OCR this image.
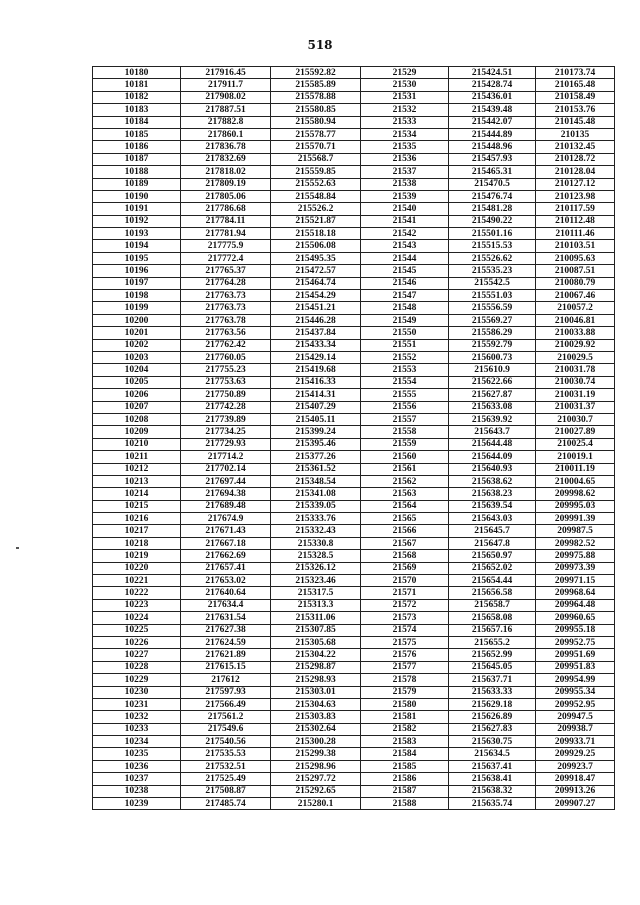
518
10180	217916.45	215592.82	21529	215424.51	210173.74
10181	217911.7	215585.89	21530	215428.74	210165.48
10182	217908.02	215578.88	21531	215436.01	210158.49
10183	217887.51	215580.85	21532	215439.48	210153.76
10184	217882.8	215580.94	21533	215442.07	210145.48
10185	217860.1	215578.77	21534	215444.89	210135
10186	217836.78	215570.71	21535	215448.96	210132.45
10187	217832.69	215568.7	21536	215457.93	210128.72
10188	217818.02	215559.85	21537	215465.31	210128.04
10189	217809.19	215552.63	21538	215470.5	210127.12
10190	217805.06	215548.84	21539	215476.74	210123.98
10191	217786.68	215526.2	21540	215481.28	210117.59
10192	217784.11	215521.87	21541	215490.22	210112.48
10193	217781.94	215518.18	21542	215501.16	210111.46
10194	217775.9	215506.08	21543	215515.53	210103.51
10195	217772.4	215495.35	21544	215526.62	210095.63
10196	217765.37	215472.57	21545	215535.23	210087.51
10197	217764.28	215464.74	21546	215542.5	210080.79
10198	217763.73	215454.29	21547	215551.03	210067.46
10199	217763.73	215451.21	21548	215556.59	210057.2
10200	217763.78	215446.28	21549	215569.27	210046.81
10201	217763.56	215437.84	21550	215586.29	210033.88
10202	217762.42	215433.34	21551	215592.79	210029.92
10203	217760.05	215429.14	21552	215600.73	210029.5
10204	217755.23	215419.68	21553	215610.9	210031.78
10205	217753.63	215416.33	21554	215622.66	210030.74
10206	217750.89	215414.31	21555	215627.87	210031.19
10207	217742.28	215407.29	21556	215633.08	210031.37
10208	217739.89	215405.11	21557	215639.92	210030.7
10209	217734.25	215399.24	21558	215643.7	210027.89
10210	217729.93	215395.46	21559	215644.48	210025.4
10211	217714.2	215377.26	21560	215644.09	210019.1
10212	217702.14	215361.52	21561	215640.93	210011.19
10213	217697.44	215348.54	21562	215638.62	210004.65
10214	217694.38	215341.08	21563	215638.23	209998.62
10215	217689.48	215339.05	21564	215639.54	209995.03
10216	217674.9	215333.76	21565	215643.03	209991.39
10217	217671.43	215332.43	21566	215645.7	209987.5
10218	217667.18	215330.8	21567	215647.8	209982.52
10219	217662.69	215328.5	21568	215650.97	209975.88
10220	217657.41	215326.12	21569	215652.02	209973.39
10221	217653.02	215323.46	21570	215654.44	209971.15
10222	217640.64	215317.5	21571	215656.58	209968.64
10223	217634.4	215313.3	21572	215658.7	209964.48
10224	217631.54	215311.06	21573	215658.08	209960.65
10225	217627.38	215307.85	21574	215657.16	209955.18
10226	217624.59	215305.68	21575	215655.2	209952.75
10227	217621.89	215304.22	21576	215652.99	209951.69
10228	217615.15	215298.87	21577	215645.05	209951.83
10229	217612	215298.93	21578	215637.71	209954.99
10230	217597.93	215303.01	21579	215633.33	209955.34
10231	217566.49	215304.63	21580	215629.18	209952.95
10232	217561.2	215303.83	21581	215626.89	209947.5
10233	217549.6	215302.64	21582	215627.83	209938.7
10234	217540.56	215300.28	21583	215630.75	209933.71
10235	217535.53	215299.38	21584	215634.5	209929.25
10236	217532.51	215298.96	21585	215637.41	209923.7
10237	217525.49	215297.72	21586	215638.41	209918.47
10238	217508.87	215292.65	21587	215638.32	209913.26
10239	217485.74	215280.1	21588	215635.74	209907.27
